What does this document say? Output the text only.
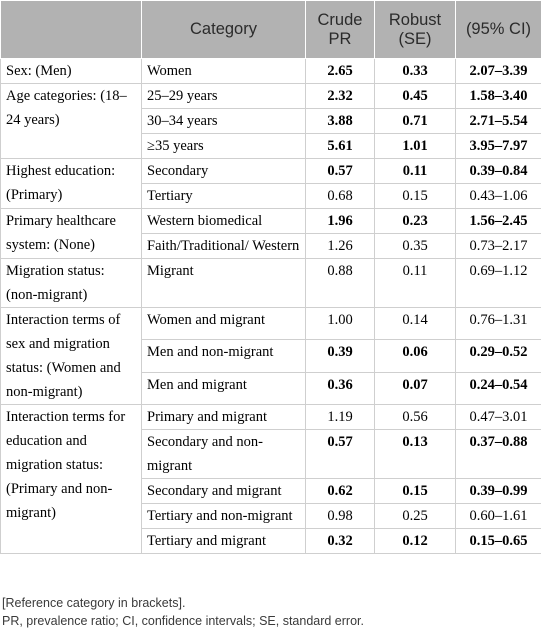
	Category	Crude PR	Robust (SE)	(95% CI)
Sex: (Men)	Women	2.65	0.33	2.07–3.39
Age categories: (18–24 years)	25–29 years	2.32	0.45	1.58–3.40
	30–34 years	3.88	0.71	2.71–5.54
	≥35 years	5.61	1.01	3.95–7.97
Highest education: (Primary)	Secondary	0.57	0.11	0.39–0.84
	Tertiary	0.68	0.15	0.43–1.06
Primary healthcare system: (None)	Western biomedical	1.96	0.23	1.56–2.45
	Faith/Traditional/ Western	1.26	0.35	0.73–2.17
Migration status: (non-migrant)	Migrant	0.88	0.11	0.69–1.12
Interaction terms of sex and migration status: (Women and non-migrant)	Women and migrant	1.00	0.14	0.76–1.31
	Men and non-migrant	0.39	0.06	0.29–0.52
	Men and migrant	0.36	0.07	0.24–0.54
Interaction terms for education and migration status: (Primary and non-migrant)	Primary and migrant	1.19	0.56	0.47–3.01
	Secondary and non-migrant	0.57	0.13	0.37–0.88
	Secondary and migrant	0.62	0.15	0.39–0.99
	Tertiary and non-migrant	0.98	0.25	0.60–1.61
	Tertiary and migrant	0.32	0.12	0.15–0.65
[Reference category in brackets].
PR, prevalence ratio; CI, confidence intervals; SE, standard error.
